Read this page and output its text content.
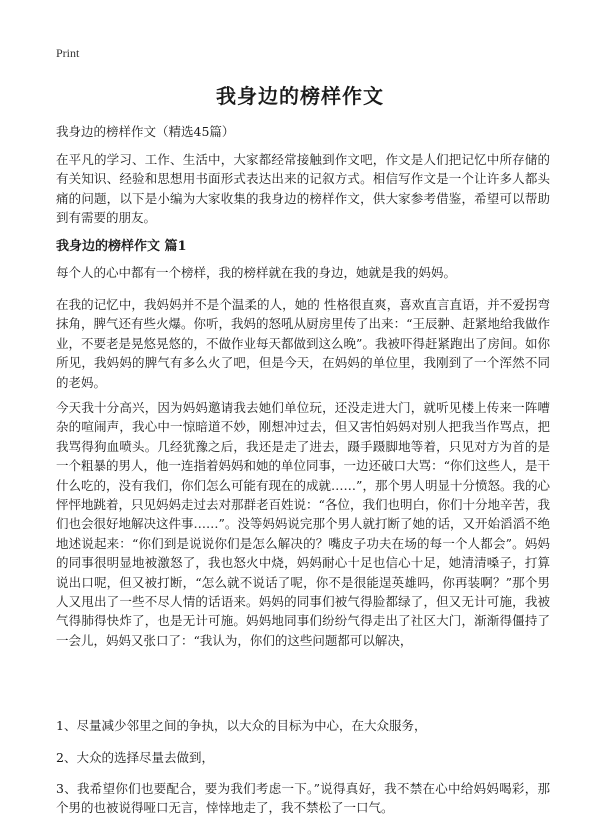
Print
我身边的榜样作文
我身边的榜样作文（精选45篇）

在平凡的学习、工作、生活中，大家都经常接触到作文吧，作文是人们把记忆中所存储的有关知识、经验和思想用书面形式表达出来的记叙方式。相信写作文是一个让许多人都头痛的问题，以下是小编为大家收集的我身边的榜样作文，供大家参考借鉴，希望可以帮助到有需要的朋友。

我身边的榜样作文 篇1

每个人的心中都有一个榜样，我的榜样就在我的身边，她就是我的妈妈。

在我的记忆中，我妈妈并不是个温柔的人，她的 性格很直爽，喜欢直言直语，并不爱拐弯抹角，脾气还有些火爆。你听，我妈的怒吼从厨房里传了出来：“王辰翀、赶紧地给我做作业，不要老是晃悠晃悠的，不做作业每天都做到这么晚”。我被吓得赶紧跑出了房间。如你所见，我妈妈的脾气有多么火了吧，但是今天，在妈妈的单位里，我刚到了一个浑然不同的老妈。

今天我十分高兴，因为妈妈邀请我去她们单位玩，还没走进大门，就听见楼上传来一阵嘈杂的喧闹声，我心中一惊暗道不妙，刚想冲过去，但又害怕妈妈对别人把我当作骂点，把我骂得狗血喷头。几经犹豫之后，我还是走了进去，蹑手蹑脚地等着，只见对方为首的是一个粗暴的男人，他一连指着妈妈和她的单位同事，一边还破口大骂：“你们这些人，是干什么吃的，没有我们，你们怎么可能有现在的成就……”，那个男人明显十分愤怒。我的心怦怦地跳着，只见妈妈走过去对那群老百姓说：“各位，我们也明白，你们十分地辛苦，我们也会很好地解决这件事……”。没等妈妈说完那个男人就打断了她的话，又开始滔滔不绝地述说起来：“你们到是说说你们是怎么解决的？嘴皮子功夫在场的每一个人都会”。妈妈的同事很明显地被激怒了，我也怒火中烧，妈妈耐心十足也信心十足，她清清嗓子，打算说出口呢，但又被打断，“怎么就不说话了呢，你不是很能逞英雄吗，你再装啊？”那个男人又甩出了一些不尽人情的话语来。妈妈的同事们被气得脸都绿了，但又无计可施，我被气得肺得快炸了，也是无计可施。妈妈地同事们纷纷气得走出了社区大门，渐渐得僵持了一会儿，妈妈又张口了：“我认为，你们的这些问题都可以解决，

1、尽量减少邻里之间的争执，以大众的目标为中心，在大众服务，

2、大众的选择尽量去做到，

3、我希望你们也要配合，要为我们考虑一下。”说得真好，我不禁在心中给妈妈喝彩，那个男的也被说得哑口无言，悻悻地走了，我不禁松了一口气。
